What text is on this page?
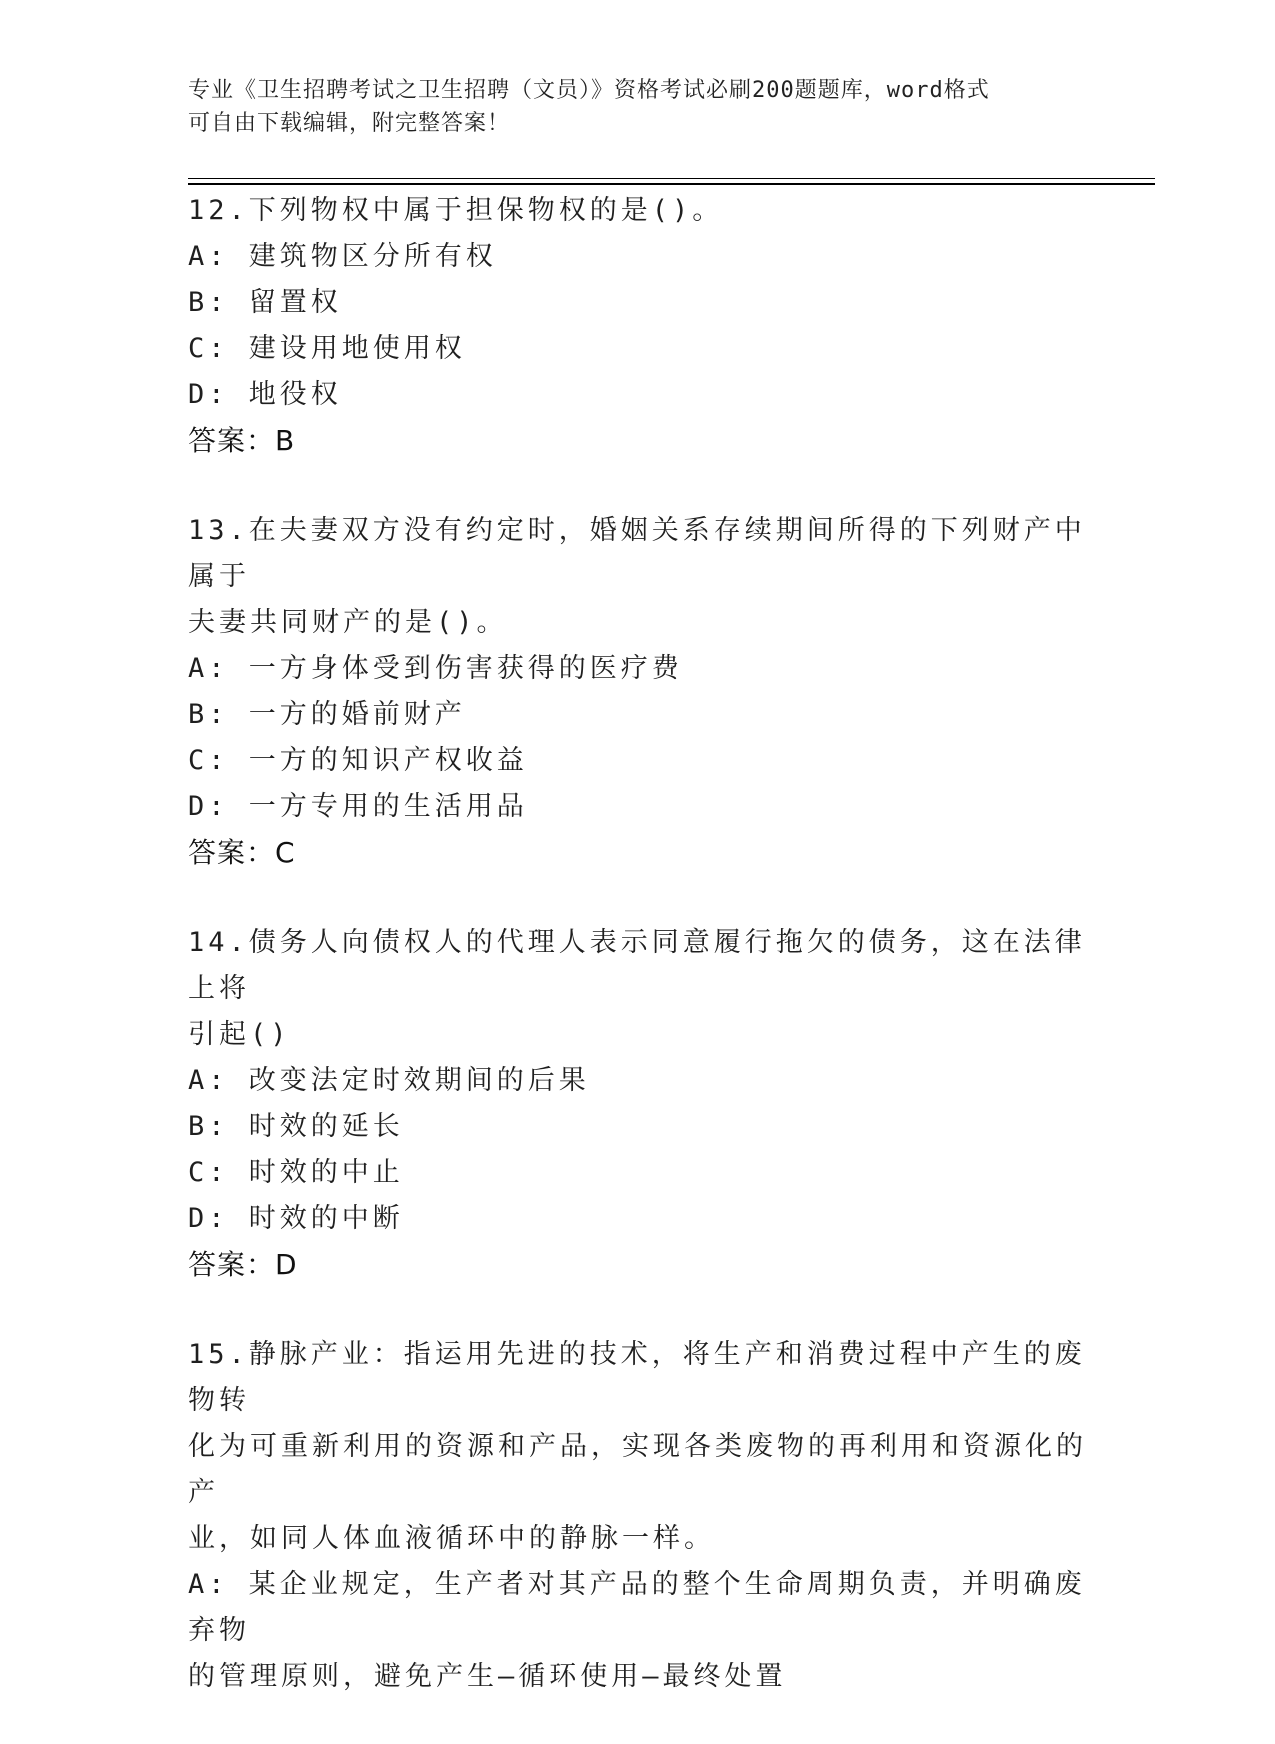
专业《卫生招聘考试之卫生招聘（文员）》资格考试必刷200题题库，word格式
可自由下载编辑，附完整答案！
12.下列物权中属于担保物权的是()。
A: 建筑物区分所有权
B: 留置权
C: 建设用地使用权
D: 地役权
答案：B
13.在夫妻双方没有约定时，婚姻关系存续期间所得的下列财产中属于
夫妻共同财产的是()。
A: 一方身体受到伤害获得的医疗费
B: 一方的婚前财产
C: 一方的知识产权收益
D: 一方专用的生活用品
答案：C
14.债务人向债权人的代理人表示同意履行拖欠的债务，这在法律上将
引起()
A: 改变法定时效期间的后果
B: 时效的延长
C: 时效的中止
D: 时效的中断
答案：D
15.静脉产业：指运用先进的技术，将生产和消费过程中产生的废物转
化为可重新利用的资源和产品，实现各类废物的再利用和资源化的产
业，如同人体血液循环中的静脉一样。
A: 某企业规定，生产者对其产品的整个生命周期负责，并明确废弃物
的管理原则，避免产生—循环使用—最终处置
